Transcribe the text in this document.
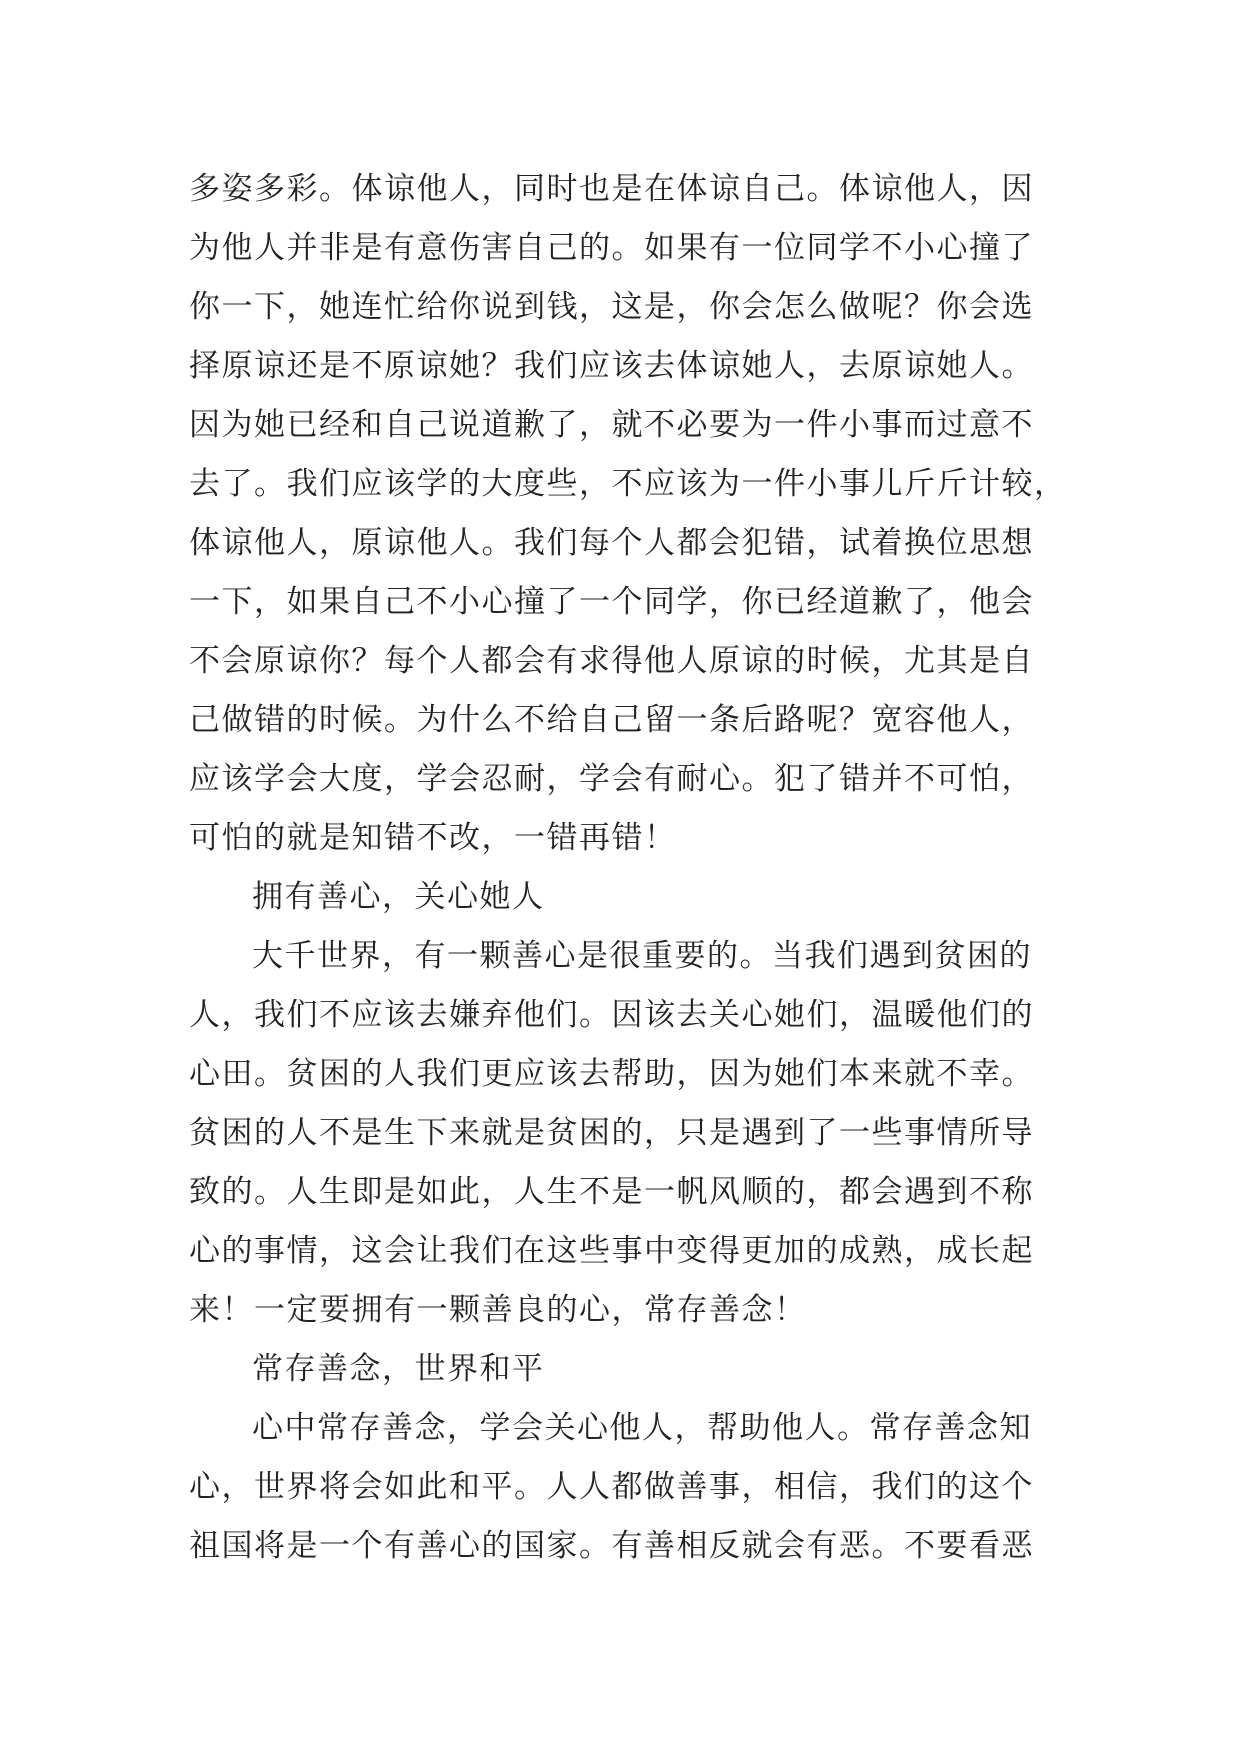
多姿多彩。体谅他人，同时也是在体谅自己。体谅他人，因
为他人并非是有意伤害自己的。如果有一位同学不小心撞了
你一下，她连忙给你说到钱，这是，你会怎么做呢？你会选
择原谅还是不原谅她？我们应该去体谅她人，去原谅她人。
因为她已经和自己说道歉了，就不必要为一件小事而过意不
去了。我们应该学的大度些，不应该为一件小事儿斤斤计较，
体谅他人，原谅他人。我们每个人都会犯错，试着换位思想
一下，如果自己不小心撞了一个同学，你已经道歉了，他会
不会原谅你？每个人都会有求得他人原谅的时候，尤其是自
己做错的时候。为什么不给自己留一条后路呢？宽容他人，
应该学会大度，学会忍耐，学会有耐心。犯了错并不可怕，
可怕的就是知错不改，一错再错！
拥有善心，关心她人
大千世界，有一颗善心是很重要的。当我们遇到贫困的
人，我们不应该去嫌弃他们。因该去关心她们，温暖他们的
心田。贫困的人我们更应该去帮助，因为她们本来就不幸。
贫困的人不是生下来就是贫困的，只是遇到了一些事情所导
致的。人生即是如此，人生不是一帆风顺的，都会遇到不称
心的事情，这会让我们在这些事中变得更加的成熟，成长起
来！一定要拥有一颗善良的心，常存善念！
常存善念，世界和平
心中常存善念，学会关心他人，帮助他人。常存善念知
心，世界将会如此和平。人人都做善事，相信，我们的这个
祖国将是一个有善心的国家。有善相反就会有恶。不要看恶
